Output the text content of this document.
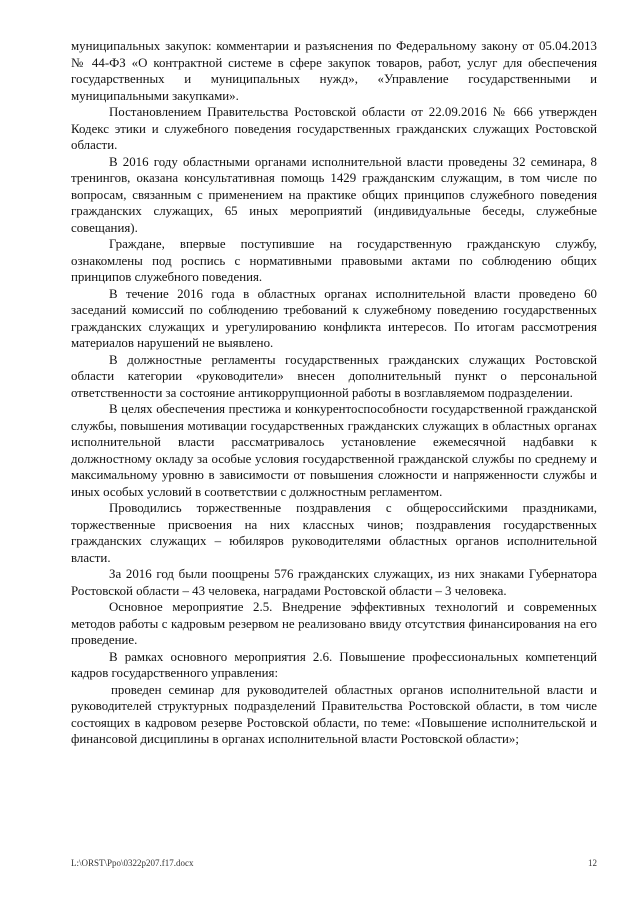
муниципальных закупок: комментарии и разъяснения по Федеральному закону от 05.04.2013 № 44-ФЗ «О контрактной системе в сфере закупок товаров, работ, услуг для обеспечения государственных и муниципальных нужд», «Управление государственными и муниципальными закупками».

Постановлением Правительства Ростовской области от 22.09.2016 № 666 утвержден Кодекс этики и служебного поведения государственных гражданских служащих Ростовской области.

В 2016 году областными органами исполнительной власти проведены 32 семинара, 8 тренингов, оказана консультативная помощь 1429 гражданским служащим, в том числе по вопросам, связанным с применением на практике общих принципов служебного поведения гражданских служащих, 65 иных мероприятий (индивидуальные беседы, служебные совещания).

Граждане, впервые поступившие на государственную гражданскую службу, ознакомлены под роспись с нормативными правовыми актами по соблюдению общих принципов служебного поведения.

В течение 2016 года в областных органах исполнительной власти проведено 60 заседаний комиссий по соблюдению требований к служебному поведению государственных гражданских служащих и урегулированию конфликта интересов. По итогам рассмотрения материалов нарушений не выявлено.

В должностные регламенты государственных гражданских служащих Ростовской области категории «руководители» внесен дополнительный пункт о персональной ответственности за состояние антикоррупционной работы в возглавляемом подразделении.

В целях обеспечения престижа и конкурентоспособности государственной гражданской службы, повышения мотивации государственных гражданских служащих в областных органах исполнительной власти рассматривалось установление ежемесячной надбавки к должностному окладу за особые условия государственной гражданской службы по среднему и максимальному уровню в зависимости от повышения сложности и напряженности службы и иных особых условий в соответствии с должностным регламентом.

Проводились торжественные поздравления с общероссийскими праздниками, торжественные присвоения на них классных чинов; поздравления государственных гражданских служащих – юбиляров руководителями областных органов исполнительной власти.

За 2016 год были поощрены 576 гражданских служащих, из них знаками Губернатора Ростовской области – 43 человека, наградами Ростовской области – 3 человека.

Основное мероприятие 2.5. Внедрение эффективных технологий и современных методов работы с кадровым резервом не реализовано ввиду отсутствия финансирования на его проведение.

В рамках основного мероприятия 2.6. Повышение профессиональных компетенций кадров государственного управления:

проведен семинар для руководителей областных органов исполнительной власти и руководителей структурных подразделений Правительства Ростовской области, в том числе состоящих в кадровом резерве Ростовской области, по теме: «Повышение исполнительской и финансовой дисциплины в органах исполнительной власти Ростовской области»;

L:\ORST\Ppo\0322p207.f17.docx	12
